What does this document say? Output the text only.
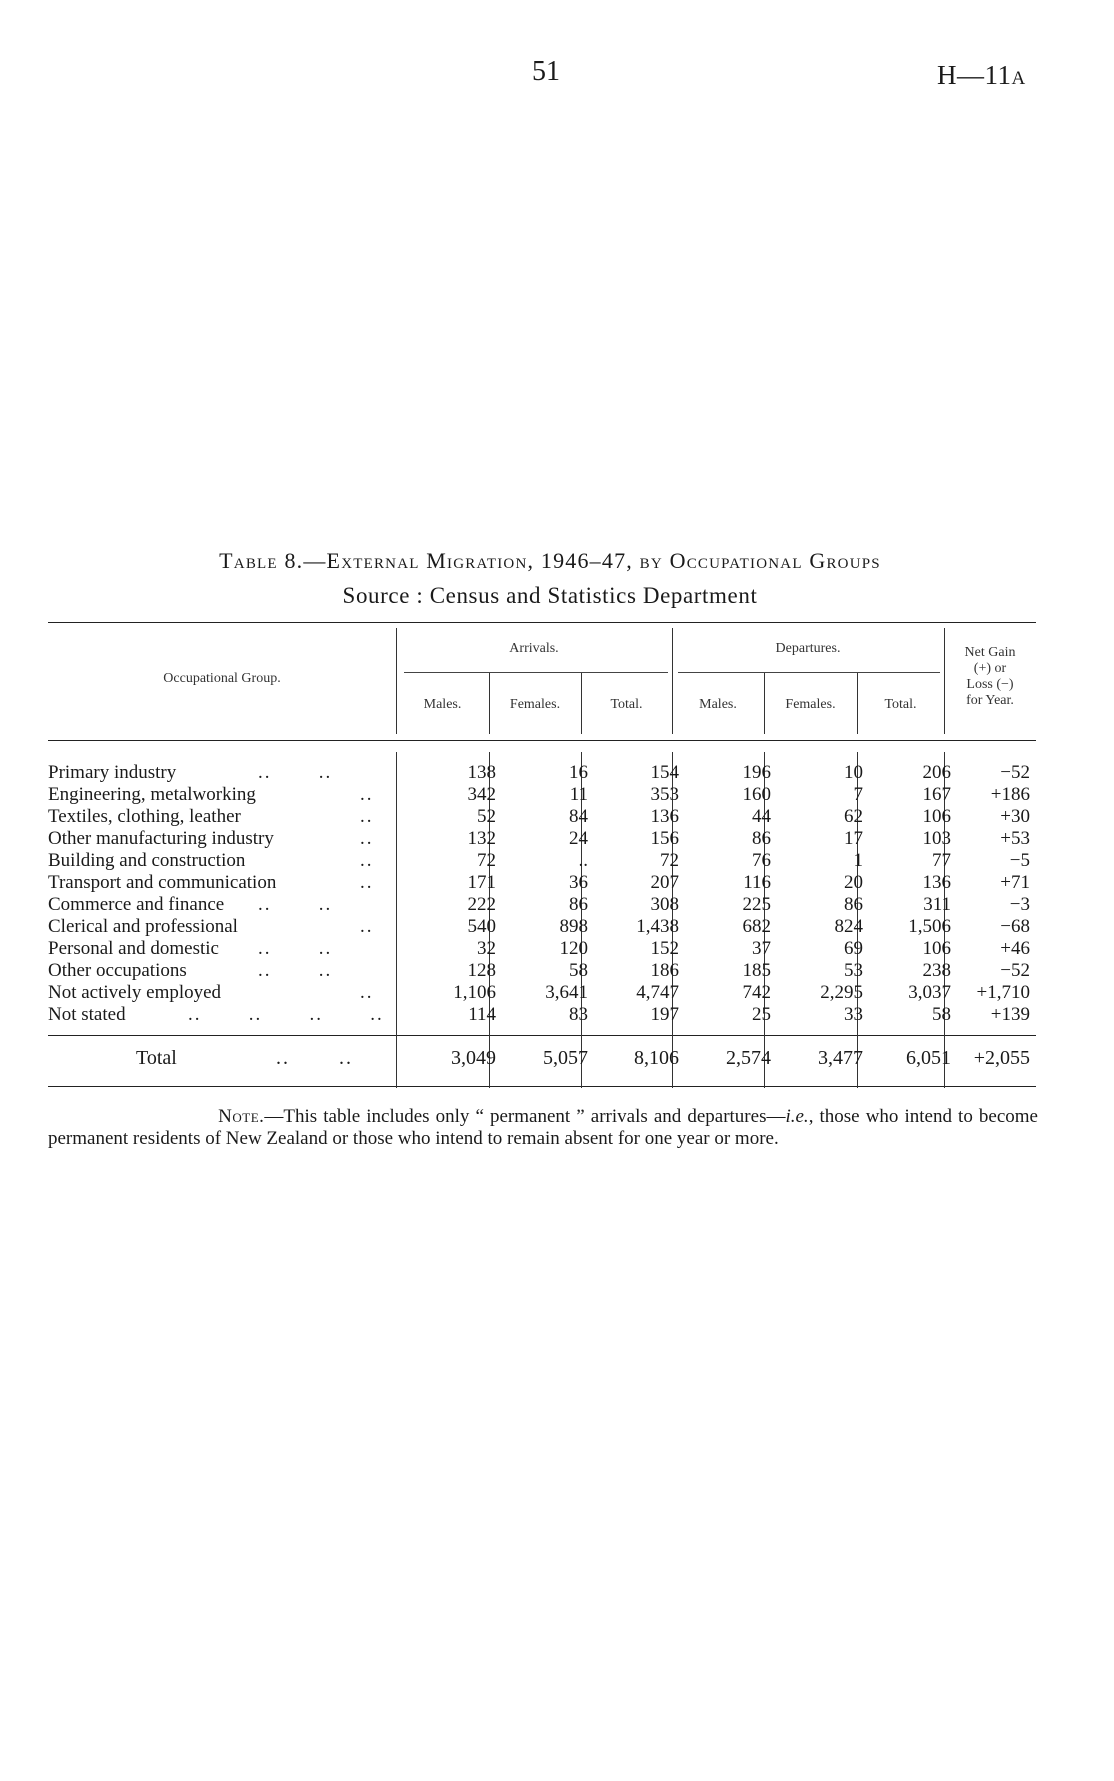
51	H—11A
Table 8.—External Migration, 1946–47, by Occupational Groups
Source : Census and Statistics Department
Occupational Group.
Arrivals.	Departures.
Males.	Females.	Total.	Males.	Females.	Total.
Net Gain
(+) or
Loss (−)
for Year.
Primary industry	..       ..	138	16	154	196	10	206	−52
Engineering, metalworking	..	342	11	353	160	7	167	+186
Textiles, clothing, leather	..	52	84	136	44	62	106	+30
Other manufacturing industry	..	132	24	156	86	17	103	+53
Building and construction	..	72	..	72	76	1	77	−5
Transport and communication	..	171	36	207	116	20	136	+71
Commerce and finance ..       ..	222	86	308	225	86	311	−3
Clerical and professional	..	540	898	1,438	682	824	1,506	−68
Personal and domestic ..       ..	32	120	152	37	69	106	+46
Other occupations	..       ..	128	58	186	185	53	238	−52
Not actively employed	..	1,106	3,641	4,747	742	2,295	3,037	+1,710
Not stated	..       ..       ..       ..	114	83	197	25	33	58	+139
Total	..       ..	3,049	5,057	8,106	2,574	3,477	6,051	+2,055
Note.—This table includes only “ permanent ” arrivals and departures—i.e., those who intend to become permanent residents of New Zealand or those who intend to remain absent for one year or more.
